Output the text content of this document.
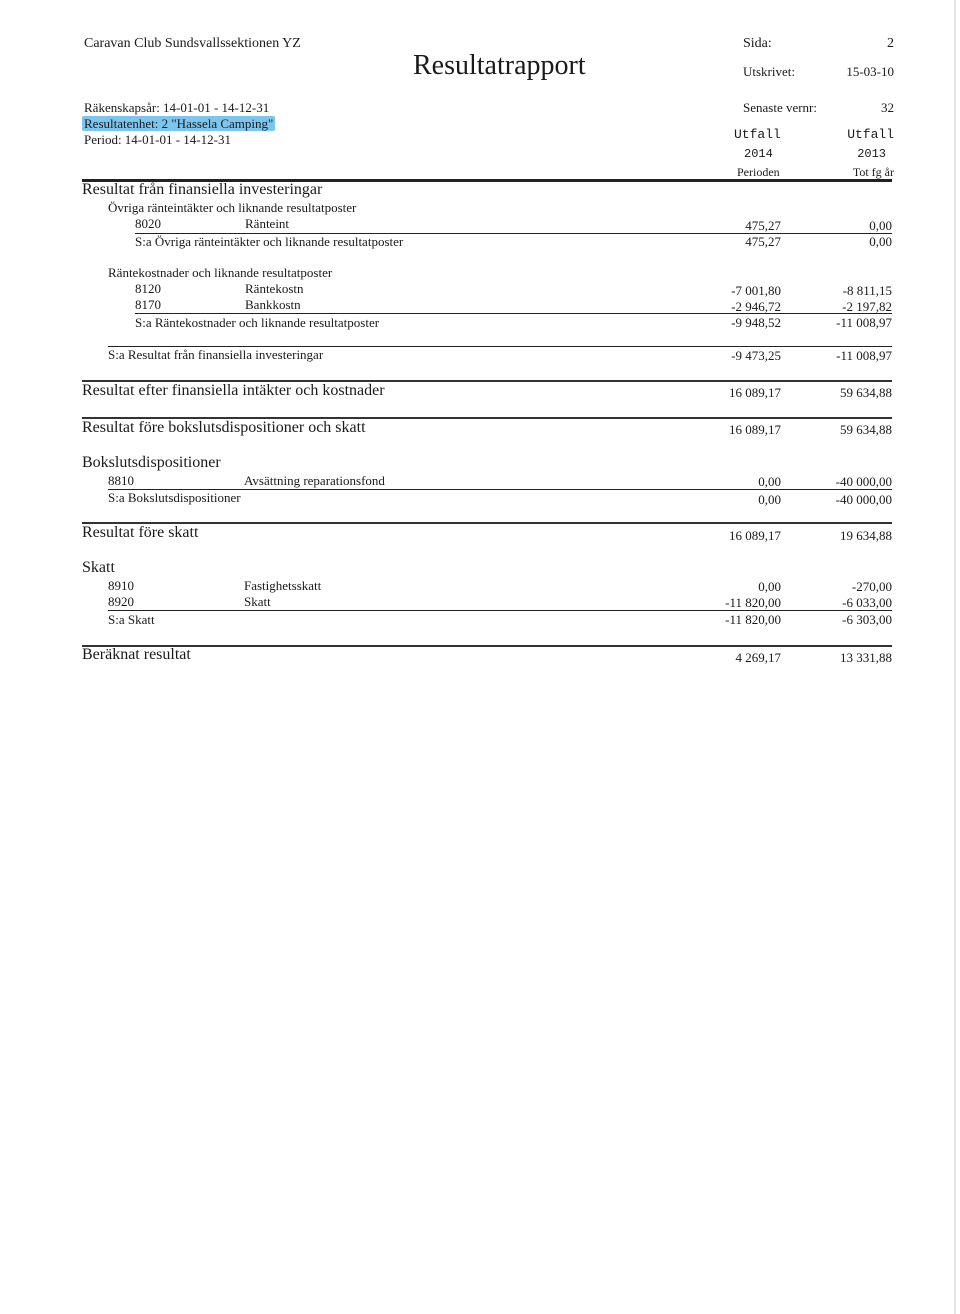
Caravan Club Sundsvallssektionen YZ
Resultatrapport
Sida:	2
Utskrivet:	15-03-10
Räkenskapsår: 14-01-01 - 14-12-31
Resultatenhet: 2 "Hassela Camping"
Period: 14-01-01 - 14-12-31
Senaste vernr:	32
Utfall	Utfall
2014	2013
Perioden	Tot fg år
Resultat från finansiella investeringar
Övriga ränteintäkter och liknande resultatposter
8020	Ränteint	475,27	0,00
S:a Övriga ränteintäkter och liknande resultatposter	475,27	0,00
Räntekostnader och liknande resultatposter
8120	Räntekostn	-7 001,80	-8 811,15
8170	Bankkostn	-2 946,72	-2 197,82
S:a Räntekostnader och liknande resultatposter	-9 948,52	-11 008,97
S:a Resultat från finansiella investeringar	-9 473,25	-11 008,97
Resultat efter finansiella intäkter och kostnader	16 089,17	59 634,88
Resultat före bokslutsdispositioner och skatt	16 089,17	59 634,88
Bokslutsdispositioner
8810	Avsättning reparationsfond	0,00	-40 000,00
S:a Bokslutsdispositioner	0,00	-40 000,00
Resultat före skatt	16 089,17	19 634,88
Skatt
8910	Fastighetsskatt	0,00	-270,00
8920	Skatt	-11 820,00	-6 033,00
S:a Skatt	-11 820,00	-6 303,00
Beräknat resultat	4 269,17	13 331,88
